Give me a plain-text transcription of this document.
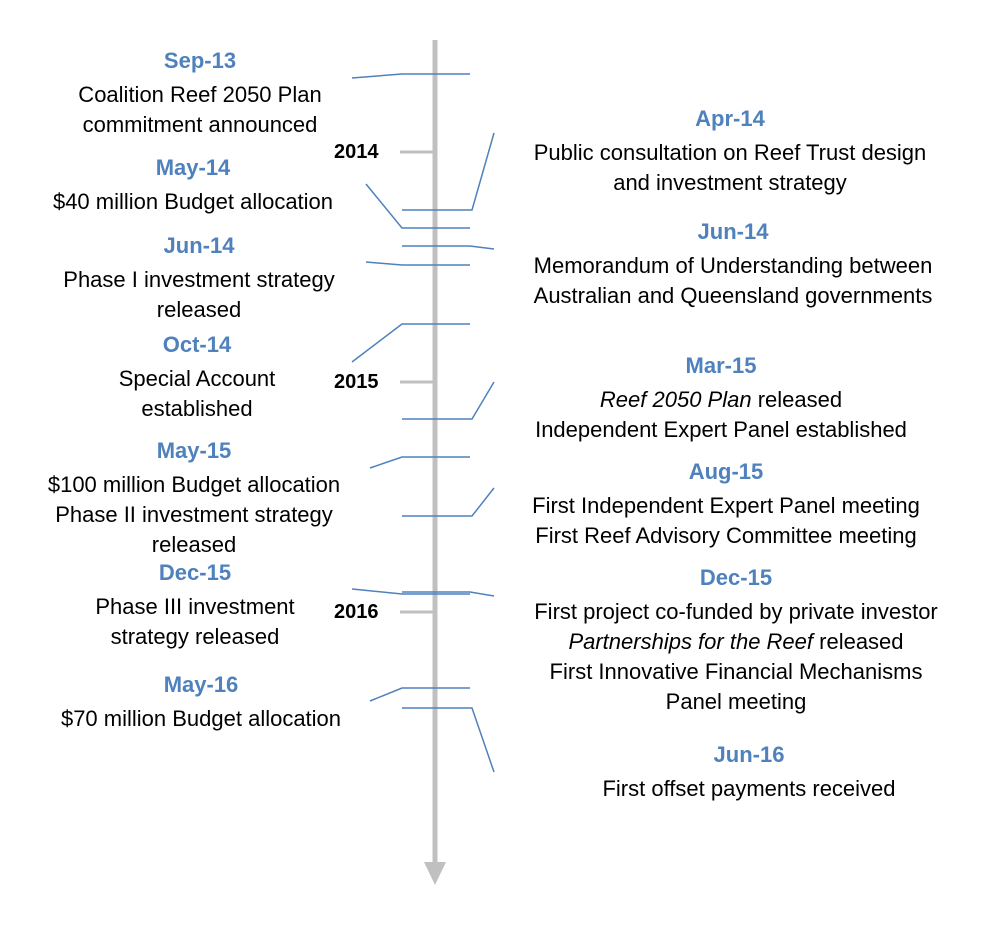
2014
2015
2016
Sep-13
Coalition Reef 2050 Plan
commitment announced
May-14
$40 million Budget allocation
Jun-14
Phase I investment strategy
released
Oct-14
Special Account
established
May-15
$100 million Budget allocation
Phase II investment strategy
released
Dec-15
Phase III investment
strategy released
May-16
$70 million Budget allocation
Apr-14
Public consultation on Reef Trust design
and investment strategy
Jun-14
Memorandum of Understanding between
Australian and Queensland governments
Mar-15
Reef 2050 Plan released
Independent Expert Panel established
Aug-15
First Independent Expert Panel meeting
First Reef Advisory Committee meeting
Dec-15
First project co-funded by private investor
Partnerships for the Reef released
First Innovative Financial Mechanisms
Panel meeting
Jun-16
First offset payments received
